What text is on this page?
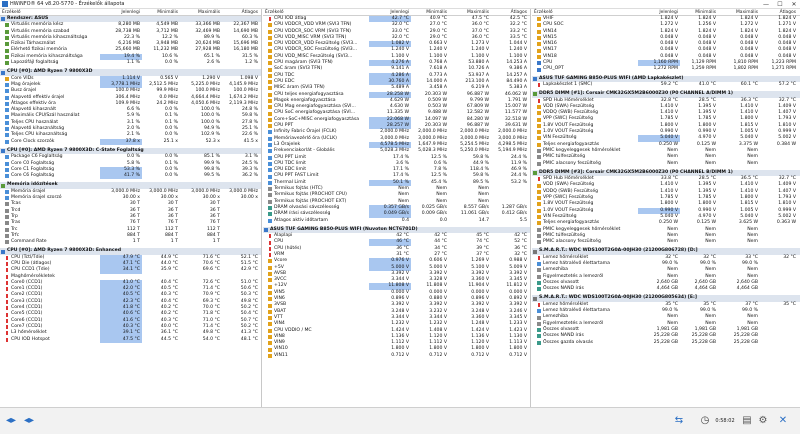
HWiNFO® 64 v8.20-5770 - Érzékelők állapota	—	☐	✕
Érzékelő	Jelenlegi	Minimális	Maximális	Átlagos
Rendszer: ASUS
Virtuális memória kész	8,280 MB	4,549 MB	33,366 MB	22,367 MB
Virtuális memória szabad	28,738 MB	3,712 MB	32,469 MB	14,690 MB
Virtuális memória kihasználtsága	22.3 %	12.2 %	89.9 %	60.3 %
Fizikai Tárhasználat	6,216 MB	3,948 MB	20,624 MB	15,696 MB
Elérhető fizikai memória	25,660 MB	11,232 MB	27,928 MB	16,180 MB
Fizikai memória kihasználtsága	19.4 %	10.6 %	65.1 %	31.5 %
Lapozófájl foglaltság	1.1 %	0.0 %	2.6 %	1.2 %
CPU [#0]: AMD Ryzen 7 9800X3D
Core VIDs	1.114 V	0.565 V	1.290 V	1.098 V
Mag órajelek	3,778.1 MHz	2,512.5 MHz	5,225.0 MHz	4,145.9 MHz
Busz órajel	100.0 MHz	99.9 MHz	100.0 MHz	100.0 MHz
Alapvető effektív órajel	306.4 MHz	0.0 MHz	4,664.4 MHz	1,674.2 MHz
Átlagos effektív óra	109.9 MHz	24.2 MHz	4,050.6 MHz	2,119.3 MHz
Alapvető kihasznált	6.6 %	0.0 %	100.0 %	24.8 %
Maximális CPU/Szál használat	5.9 %	0.1 %	100.0 %	59.8 %
Teljes CPU használat	3.1 %	0.1 %	100.0 %	27.8 %
Alapvető kihasználtság	2.0 %	0.0 %	94.9 %	25.1 %
Teljes CPU kihasználtság	2.1 %	0.0 %	102.9 %	22.6 %
Core Clock szorzók	37.8 x	25.1 x	52.3 x	41.5 x
CPU [#0]: AMD Ryzen 7 9800X3D: C-State Foglaltság
Package C6 Foglaltság	0.0 %	0.0 %	85.1 %	3.1 %
Core C0 Foglaltság	5.8 %	0.1 %	99.9 %	24.5 %
Core C1 Foglaltság	53.3 %	0.0 %	99.8 %	39.3 %
Core C6 Foglaltság	41.7 %	0.0 %	99.5 %	36.2 %
Memória időzítések
Memória órajel	3,000.0 MHz	3,000.0 MHz	3,000.0 MHz	3,000.0 MHz
Memória órajel szorzó	30.00 x	30.00 x	30.00 x	30.00 x
Tcas	30 T	30 T	30 T
Trcd	36 T	36 T	36 T
Trp	36 T	36 T	36 T
Tras	76 T	76 T	76 T
Trc	112 T	112 T	112 T
Trfc	884 T	884 T	884 T
Command Rate	1 T	1 T	1 T
CPU [#0]: AMD Ryzen 7 9800X3D: Enhanced
CPU (Tctl/Tdie)	47.9 °C	44.9 °C	71.6 °C	52.1 °C
CPU Die (átlagos)	47.1 °C	44.0 °C	70.6 °C	51.5 °C
CPU CCD1 (Tdie)	34.1 °C	35.9 °C	69.6 °C	42.9 °C
Maghőmérsékletek
Core0 (CCD1)	41.0 °C	40.4 °C	72.6 °C	51.0 °C
Core1 (CCD1)	42.0 °C	40.5 °C	71.4 °C	50.6 °C
Core2 (CCD1)	40.5 °C	40.3 °C	70.9 °C	50.3 °C
Core3 (CCD1)	42.3 °C	40.4 °C	69.3 °C	49.8 °C
Core4 (CCD1)	41.8 °C	40.2 °C	70.0 °C	50.2 °C
Core5 (CCD1)	40.6 °C	40.2 °C	71.8 °C	50.4 °C
Core6 (CCD1)	41.6 °C	40.3 °C	71.0 °C	50.7 °C
Core7 (CCD1)	40.3 °C	40.0 °C	71.4 °C	50.2 °C
L3 hőmérséklet	39.1 °C	36.1 °C	49.8 °C	41.3 °C
CPU IOD Hotspot	47.5 °C	44.5 °C	54.0 °C	48.1 °C
Érzékelő	Jelenlegi	Minimális	Maximális	Átlagos
CPU IOD átlag	42.7 °C	40.9 °C	47.5 °C	42.5 °C
CPU VDDCR_VDD VRM (SVI3 TFN)	32.0 °C	27.0 °C	36.0 °C	32.2 °C
CPU VDDCR_SOC VRM (SVI3 TFN)	33.0 °C	29.0 °C	37.0 °C	33.2 °C
CPU VDD_MISC VRM (SVI3 TFN)	32.0 °C	29.0 °C	36.0 °C	33.5 °C
CPU VDDCR_VDD Feszültség (SVI3...	1.082 V	0.663 V	1.273 V	1.044 V
CPU VDDCR_SOC Feszültség (SVI3...	1.240 V	1.240 V	1.240 V	1.240 V
CPU VDD_MISC Feszültség (SVI3...	1.100 V	1.100 V	1.100 V	1.100 V
CPU magáram (SVI3 TFN)	4.276 A	0.768 A	53.880 A	14.253 A
SoC áram (SVI3 TFN)	9.141 A	7.618 A	10.726 A	9.386 A
CPU TDC	4.286 A	0.773 A	53.937 A	14.257 A
CPU EDC	30.760 A	14.000 A	213.100 A	84.490 A
MISC áram (SVI3 TFN)	5.489 A	3.458 A	6.219 A	5.383 A
CPU teljes energiafogyasztása	28.258 W	20.303 W	96.887 W	46.062 W
Magok energiafogyasztása	4.629 W	0.509 W	9.799 W	1.791 W
CPU Mag energiafogyasztása (SVI...	4.630 W	0.503 W	67.809 W	15.007 W
CPU SoC energiafogyasztása (SVI...	11.335 W	9.488 W	12.582 W	11.577 W
Core+SoC+MISC energiafogyasztása	22.068 W	14.097 W	84.280 W	32.518 W
CPU PPT	28.257 W	20.303 W	96.887 W	39.631 W
Infinity Fabric Órajel (FCLK)	2,000.0 MHz	2,000.0 MHz	2,000.0 MHz	2,000.0 MHz
Memóriavezérlő óra (UCLK)	3,000.0 MHz	3,000.0 MHz	3,000.0 MHz	3,000.0 MHz
L3 Órajelek	4,578.5 MHz	1,647.9 MHz	5,254.5 MHz	4,298.5 MHz
Frekvenciakorlát - Globális	5,028.3 MHz	5,028.3 MHz	5,250.0 MHz	5,194.9 MHz
CPU PPT Limit	17.4 %	12.5 %	59.8 %	24.4 %
CPU TDC limit	3.6 %	0.6 %	44.9 %	11.9 %
CPU EDC limit	17.1 %	7.8 %	118.4 %	46.9 %
CPU PPT FAST Limit	17.4 %	12.5 %	59.8 %	24.4 %
Thermal Limit	50.1 %	45.4 %	89.5 %	53.2 %
Termikus fojtás (HTC)	Nem	Nem	Nem
Termikus fojtás (PROCHOT CPU)	Nem	Nem	Nem
Termikus fojtás (PROCHOT EXT)	Nem	Nem	Nem
DRAM olvasási sávszélesség	0.357 GB/s	0.025 GB/s	8.557 GB/s	1.287 GB/s
DRAM írási sávszélesség	0.049 GB/s	0.009 GB/s	11.061 GB/s	0.412 GB/s
Átlagos aktív időtartam	0.4	0.0	14.7	5.5
ASUS TUF GAMING B850-PLUS WIFI (Nuvoton NCT6701D)
Alaplapi	42 °C	42 °C	45 °C	42 °C
CPU	46 °C	44 °C	74 °C	52 °C
CPU (hűtés)	36 °C	34 °C	39 °C	36 °C
VRM	31 °C	27 °C	37 °C	32 °C
Vcore	0.976 V	0.606 V	1.269 V	0.988 V
+5V	5.000 V	5.000 V	5.100 V	5.009 V
AVSB	3.392 V	3.392 V	3.392 V	3.392 V
3VCC	3.344 V	3.328 V	3.360 V	3.345 V
+12V	11.808 V	11.808 V	11.904 V	11.812 V
VIN5	0.000 V	0.000 V	0.000 V	0.000 V
VIN6	0.896 V	0.880 V	0.896 V	0.892 V
3VSB	3.392 V	3.392 V	3.392 V	3.392 V
VBAT	3.248 V	3.232 V	3.248 V	3.246 V
VTT	3.344 V	3.344 V	3.360 V	3.345 V
VIN4	1.232 V	1.232 V	1.248 V	1.233 V
CPU VDDIO / MC	1.424 V	1.408 V	1.424 V	1.423 V
VIN8	1.136 V	1.120 V	1.136 V	1.130 V
VIN9	1.112 V	1.112 V	1.120 V	1.113 V
VIN10	1.800 V	1.800 V	1.800 V	1.800 V
VIN11	0.712 V	0.712 V	0.712 V	0.712 V
Érzékelő	Jelenlegi	Minimális	Maximális	Átlagos
VHIF	1.824 V	1.824 V	1.824 V	1.824 V
CPU SOC	1.272 V	1.256 V	1.272 V	1.271 V
VIN14	1.824 V	1.824 V	1.824 V	1.824 V
VIN15	0.048 V	0.048 V	0.048 V	0.048 V
VIN16	0.048 V	0.048 V	0.048 V	0.048 V
VIN17	0.048 V	0.048 V	0.048 V	0.048 V
VIN18	0.048 V	0.048 V	0.048 V	0.048 V
CPU	1,160 RPM	1,129 RPM	1,810 RPM	1,223 RPM
CPU_OPT	1,272 RPM	1,259 RPM	1,802 RPM	1,271 RPM
ASUS TUF GAMING B850-PLUS WIFI (AMD Lapkakészlet)
Lapkakészlet 1 (SMC)	59.2 °C	41.0 °C	60.1 °C	57.2 °C
DDR5 DIMM [#1]: Corsair CMK32GX5M2B6000Z30 (P0 CHANNEL A/DIMM 1)
SPD Hub Hőmérséklet	32.8 °C	28.5 °C	36.3 °C	32.7 °C
VDD (SWA) Feszültség	1.410 V	1.395 V	1.410 V	1.409 V
VDDQ (SWB) Feszültség	1.410 V	1.395 V	1.410 V	1.407 V
VPP (SWC) Feszültség	1.785 V	1.785 V	1.800 V	1.793 V
1.8V VOUT Feszültség	1.800 V	1.800 V	1.815 V	1.810 V
1.0V VOUT Feszültség	0.990 V	0.990 V	1.005 V	0.999 V
VIN Feszültség	5.040 V	4.970 V	5.040 V	5.002 V
Teljes energiafogyasztás	0.250 W	0.125 W	3.375 W	0.384 W
PMIC kegyeleggesek hőmérséklet	Nem	Nem	Nem
PMIC túlfeszültség	Nem	Nem	Nem
PMIC alacsony feszültség	Nem	Nem	Nem
DDR5 DIMM [#3]: Corsair CMK32GX5M2B6000Z30 (P0 CHANNEL B/DIMM 1)
SPD Hub Hőmérséklet	33.8 °C	28.5 °C	36.5 °C	32.7 °C
VDD (SWA) Feszültség	1.410 V	1.395 V	1.410 V	1.409 V
VDDQ (SWB) Feszültség	1.410 V	1.395 V	1.410 V	1.407 V
VPP (SWC) Feszültség	1.785 V	1.785 V	1.800 V	1.793 V
1.8V VOUT Feszültség	1.800 V	1.800 V	1.815 V	1.810 V
1.0V VOUT Feszültség	0.990 V	0.990 V	1.005 V	0.999 V
VIN Feszültség	5.040 V	4.970 V	5.040 V	5.002 V
Teljes energiafogyasztás	0.250 W	0.125 W	3.625 W	0.363 W
PMIC kegyeleggesek hőmérséklet	Nem	Nem	Nem
PMIC túlfeszültség	Nem	Nem	Nem
PMIC alacsony feszültség	Nem	Nem	Nem
S.M.A.R.T.: WDC WDS100T2G0A-00JH30 (21200G806728) [D:]
Lemez hőmérséklet	32 °C	32 °C	33 °C	32 °C
Lemez hátralévő élettartama	99.0 %	99.0 %	99.0 %
Lemezhiba	Nem	Nem	Nem
Figyelmeztetés a lemezről	Nem	Nem	Nem
Összes olvasott	2,640 GB	2,640 GB	2,640 GB
Összes NAND írás	4,464 GB	4,464 GB	4,464 GB
S.M.A.R.T.: WDC WDS100T2G0A-00JH30 (21200G805634) [E:]
Lemez hőmérséklet	35 °C	35 °C	37 °C	35 °C
Lemez hátralévő élettartama	99.0 %	99.0 %	99.0 %
Lemezhiba	Nem	Nem	Nem
Figyelmeztetés a lemezről	Nem	Nem	Nem
Összes olvasott	1,981 GB	1,981 GB	1,981 GB
Összes NAND írás	25,228 GB	25,228 GB	25,228 GB
Összes gazda olvasás	25,228 GB	25,228 GB	25,228 GB
◂▸ ◂▸	⇆ ◷	0:58:02 ▤ ⚙ ✕
